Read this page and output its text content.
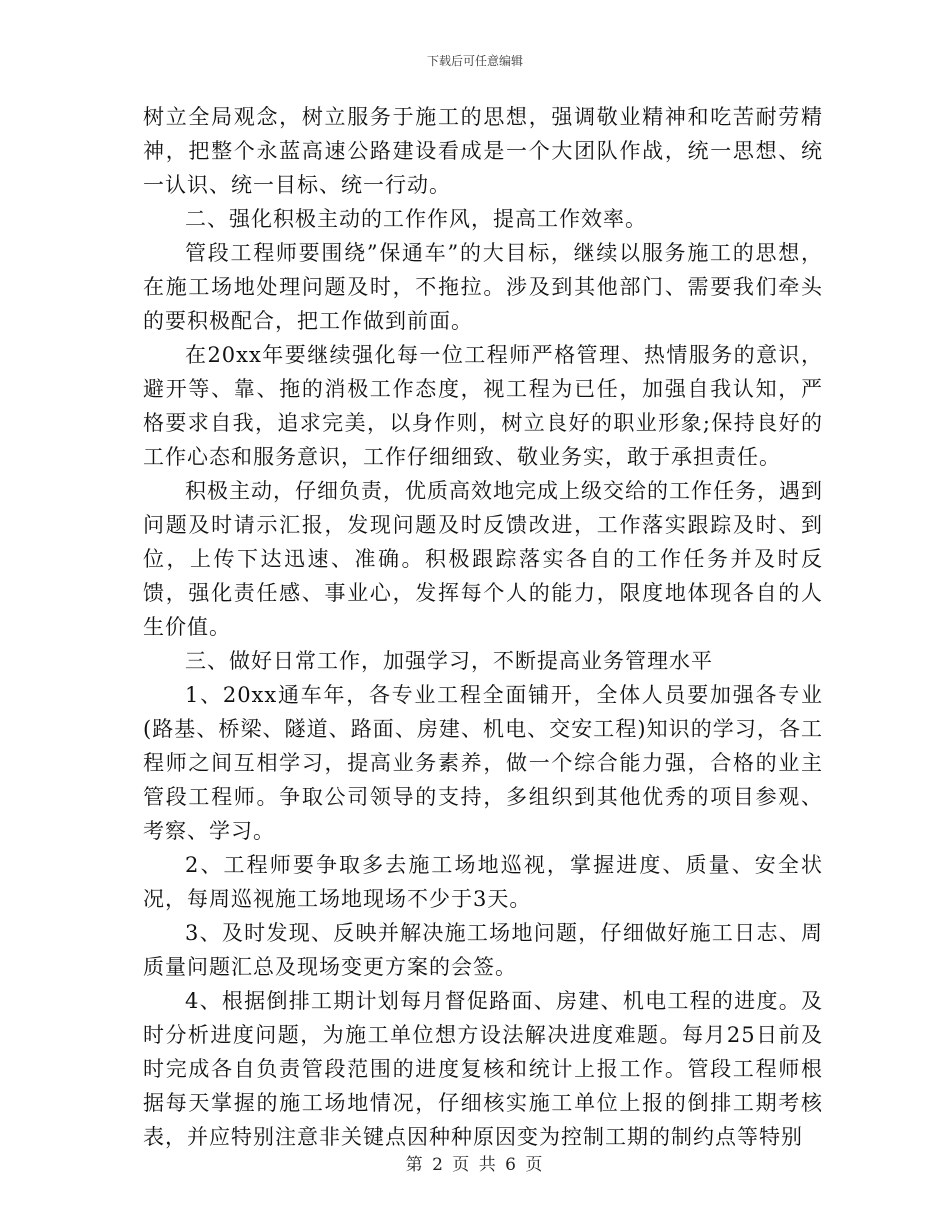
下载后可任意编辑

树立全局观念，树立服务于施工的思想，强调敬业精神和吃苦耐劳精神，把整个永蓝高速公路建设看成是一个大团队作战，统一思想、统一认识、统一目标、统一行动。

二、强化积极主动的工作作风，提高工作效率。

管段工程师要围绕”保通车”的大目标，继续以服务施工的思想，在施工场地处理问题及时，不拖拉。涉及到其他部门、需要我们牵头的要积极配合，把工作做到前面。

在20xx年要继续强化每一位工程师严格管理、热情服务的意识，避开等、靠、拖的消极工作态度，视工程为已任，加强自我认知，严格要求自我，追求完美，以身作则，树立良好的职业形象;保持良好的工作心态和服务意识，工作仔细细致、敬业务实，敢于承担责任。

积极主动，仔细负责，优质高效地完成上级交给的工作任务，遇到问题及时请示汇报，发现问题及时反馈改进，工作落实跟踪及时、到位，上传下达迅速、准确。积极跟踪落实各自的工作任务并及时反馈，强化责任感、事业心，发挥每个人的能力，限度地体现各自的人生价值。

三、做好日常工作，加强学习，不断提高业务管理水平

1、20xx通车年，各专业工程全面铺开，全体人员要加强各专业(路基、桥梁、隧道、路面、房建、机电、交安工程)知识的学习，各工程师之间互相学习，提高业务素养，做一个综合能力强，合格的业主管段工程师。争取公司领导的支持，多组织到其他优秀的项目参观、考察、学习。

2、工程师要争取多去施工场地巡视，掌握进度、质量、安全状况，每周巡视施工场地现场不少于3天。

3、及时发现、反映并解决施工场地问题，仔细做好施工日志、周质量问题汇总及现场变更方案的会签。

4、根据倒排工期计划每月督促路面、房建、机电工程的进度。及时分析进度问题，为施工单位想方设法解决进度难题。每月25日前及时完成各自负责管段范围的进度复核和统计上报工作。管段工程师根据每天掌握的施工场地情况，仔细核实施工单位上报的倒排工期考核表，并应特别注意非关键点因种种原因变为控制工期的制约点等特别

第 2 页 共 6 页
